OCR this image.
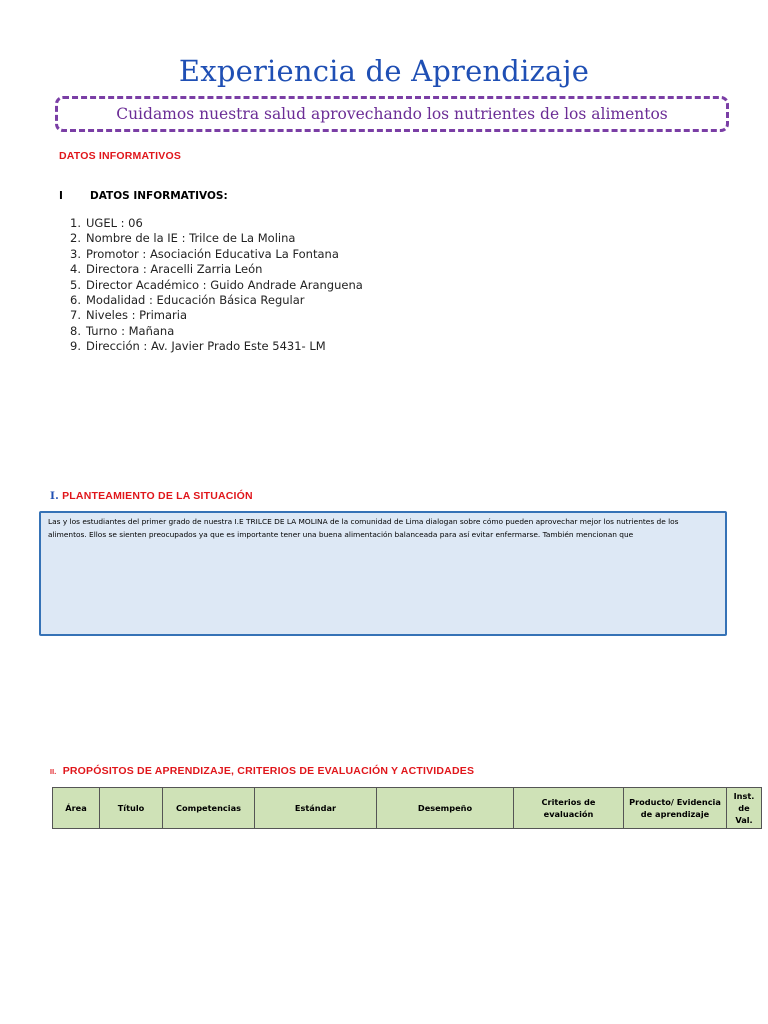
Experiencia de Aprendizaje
Cuidamos nuestra salud aprovechando los nutrientes de los alimentos
DATOS INFORMATIVOS
I	DATOS INFORMATIVOS:
1. UGEL : 06
2. Nombre de la IE : Trilce de La Molina
3. Promotor : Asociación Educativa La Fontana
4. Directora : Aracelli Zarria León
5. Director Académico : Guido Andrade Aranguena
6. Modalidad : Educación Básica Regular
7. Niveles : Primaria
8. Turno : Mañana
9. Dirección : Av. Javier Prado Este 5431- LM
I. PLANTEAMIENTO DE LA SITUACIÓN
Las y los estudiantes del primer grado de nuestra I.E TRILCE DE LA MOLINA de la comunidad de Lima dialogan sobre cómo pueden aprovechar mejor los nutrientes de los alimentos. Ellos se sienten preocupados ya que es importante tener una buena alimentación balanceada para así evitar enfermarse. También mencionan que
II. PROPÓSITOS DE APRENDIZAJE, CRITERIOS DE EVALUACIÓN Y ACTIVIDADES
Área	Título	Competencias	Estándar	Desempeño	Criterios de evaluación	Producto/ Evidencia de aprendizaje	Inst. de Val.
